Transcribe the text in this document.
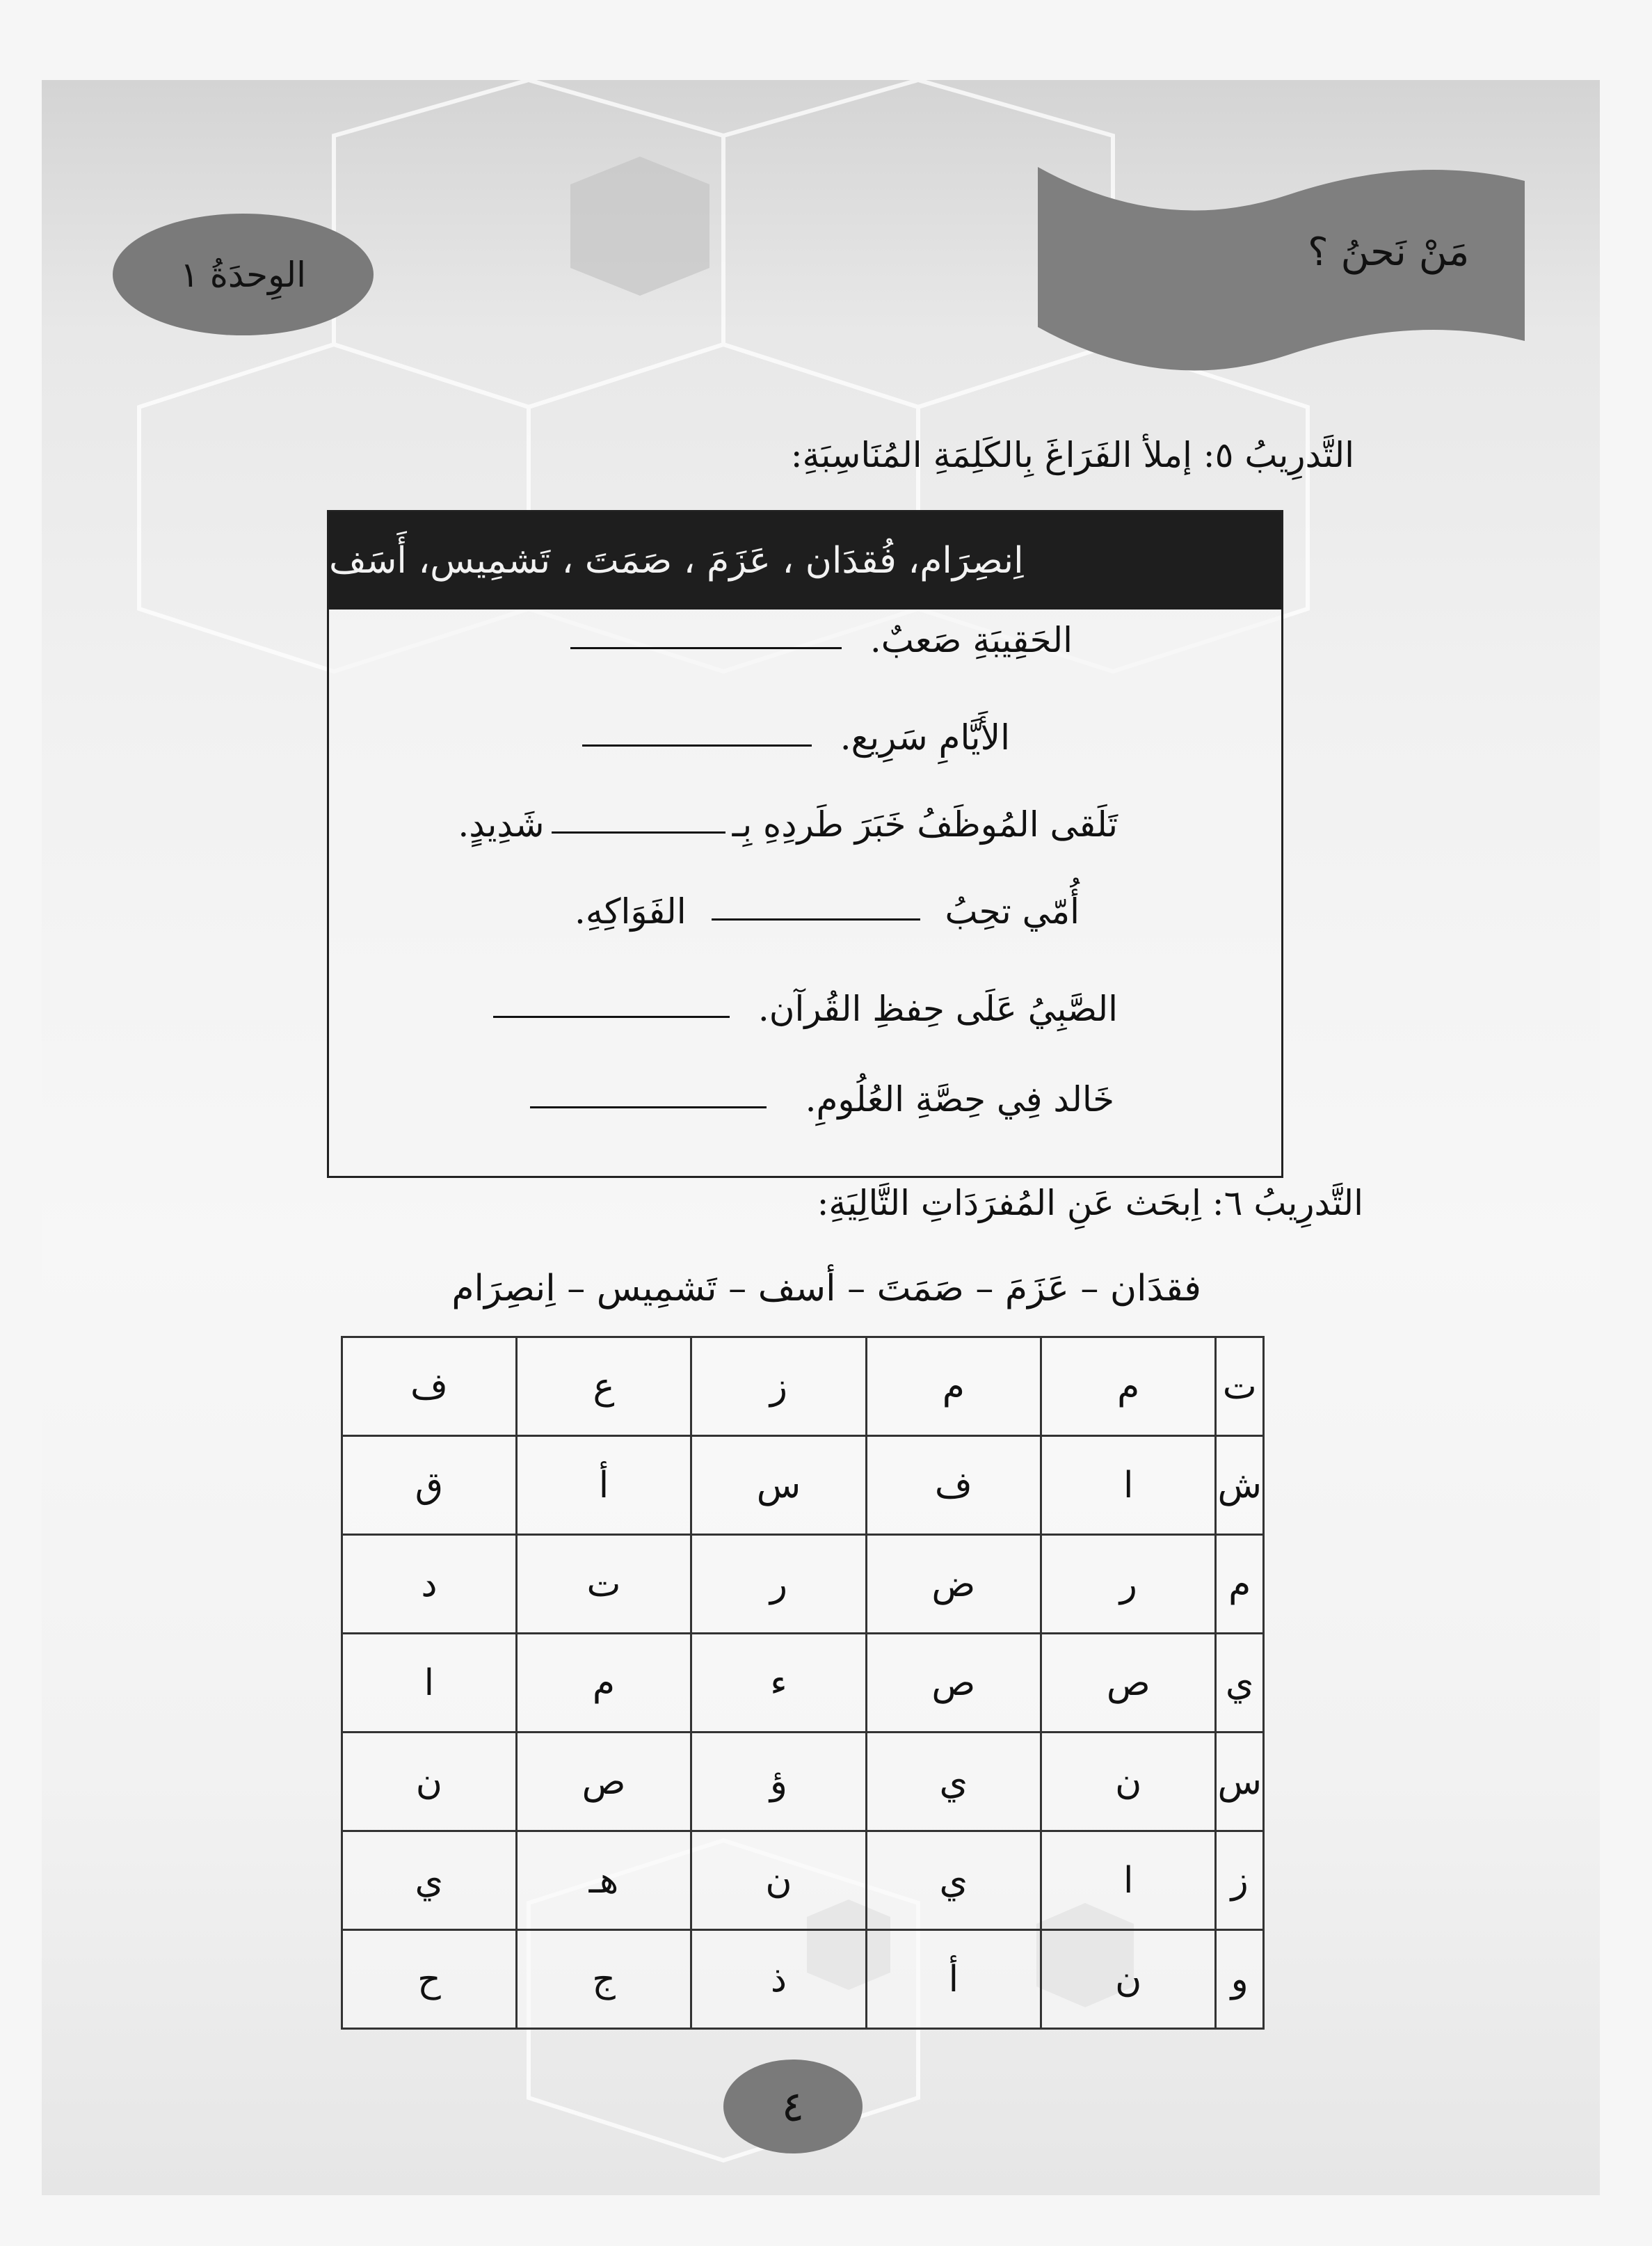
الوِحدَةُ ١	مَنْ نَحنُ ؟
التَّدرِيبُ ٥: إملأ الفَرَاغَ بِالكَلِمَةِ المُنَاسِبَةِ:
اِنصِرَام، فُقدَان ، عَزَمَ ، صَمَتَ ، تَشمِيس، أَسَف
الحَقِيبَةِ صَعبٌ.
الأَيَّامِ سَرِيع.
تَلَقى المُوظَفُ خَبَرَ طَردِهِ بِـشَدِيدٍ.
أُمّي تحِبُ  الفَوَاكِهِ.
الصَّبِيُ عَلَى حِفظِ القُرآن.
خَالد فِي حِصَّةِ العُلُومِ.
التَّدرِيبُ ٦: اِبحَث عَنِ المُفرَدَاتِ التَّالِيَةِ:
فقدَان – عَزَمَ – صَمَتَ – أسف – تَشمِيس – اِنصِرَام
ف	ع	ز	م	م	ت
ق	أ	س	ف	ا	ش
د	ت	ر	ض	ر	م
ا	م	ء	ص	ص	ي
ن	ص	ؤ	ي	ن	س
ي	هـ	ن	ي	ا	ز
ح	ج	ذ	أ	ن	و
٤
